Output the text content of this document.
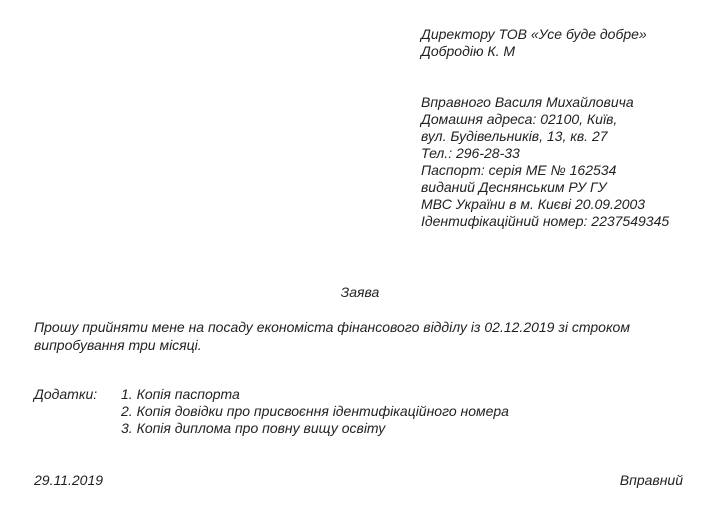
Директору ТОВ «Усе буде добре»
Добродію К. М
Вправного Василя Михайловича
Домашня адреса: 02100, Київ,
вул. Будівельників, 13, кв. 27
Тел.: 296-28-33
Паспорт: серія МЕ № 162534
виданий Деснянським РУ ГУ
МВС України в м. Києві 20.09.2003
Ідентифікаційний номер: 2237549345
Заява
Прошу прийняти мене на посаду економіста фінансового відділу із 02.12.2019 зі строком випробування три місяці.
Додатки: 1. Копія паспорта
2. Копія довідки про присвоєння ідентифікаційного номера
3. Копія диплома про повну вищу освіту
29.11.2019	Вправний
